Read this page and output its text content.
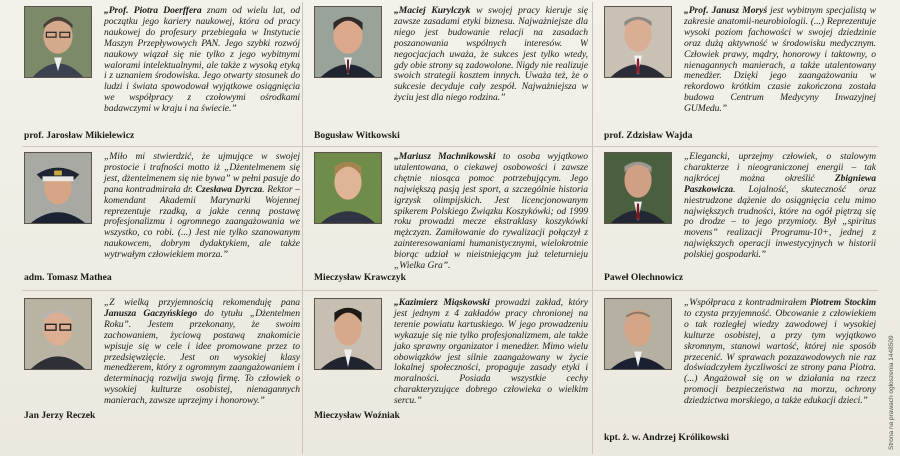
„Prof. Piotra Doerffera znam od wielu lat, od początku jego kariery naukowej, która od pracy naukowej do profesury przebiegała w Instytucie Maszyn Przepływowych PAN. Jego szybki rozwój naukowy wiązał się nie tylko z jego wybitnymi walorami intelektualnymi, ale także z wysoką etyką i z uznaniem środowiska. Jego otwarty stosunek do ludzi i świata spowodował wyjątkowe osiągnięcia we współpracy z czołowymi ośrodkami badawczymi w kraju i na świecie.”
prof. Jarosław Mikielewicz
„Maciej Kurylczyk w swojej pracy kieruje się zawsze zasadami etyki biznesu. Najważniejsze dla niego jest budowanie relacji na zasadach poszanowania wspólnych interesów. W negocjacjach uważa, że sukces jest tylko wtedy, gdy obie strony są zadowolone. Nigdy nie realizuje swoich strategii kosztem innych. Uważa też, że o sukcesie decyduje cały zespół. Najważniejsza w życiu jest dla niego rodzina.”
Bogusław Witkowski
„Prof. Janusz Moryś jest wybitnym specjalistą w zakresie anatomii-neurobiologii. (...) Reprezentuje wysoki poziom fachowości w swojej dziedzinie oraz dużą aktywność w środowisku medycznym. Człowiek prawy, mądry, honorowy i taktowny, o nienagannych manierach, a także utalentowany menedżer. Dzięki jego zaangażowaniu w rekordowo krótkim czasie zakończona została budowa Centrum Medycyny Inwazyjnej GUMedu.”
prof. Zdzisław Wajda
„Miło mi stwierdzić, że ujmujące w swojej prostocie i trafności motto iż „Dżentelmenem się jest, dżentelmenem się nie bywa” w pełni pasuje do pana kontradmirała dr. Czesława Dyrcza. Rektor – komendant Akademii Marynarki Wojennej reprezentuje rzadką, a jakże cenną postawę profesjonalizmu i ogromnego zaangażowania we wszystko, co robi. (...) Jest nie tylko szanowanym naukowcem, dobrym dydaktykiem, ale także wytrwałym człowiekiem morza.”
adm. Tomasz Mathea
„Mariusz Machnikowski to osoba wyjątkowo utalentowana, o ciekawej osobowości i zawsze chętnie niosąca pomoc potrzebującym. Jego największą pasją jest sport, a szczególnie historia igrzysk olimpijskich. Jest licencjonowanym spikerem Polskiego Związku Koszykówki; od 1999 roku prowadzi mecze ekstraklasy koszykówki mężczyzn. Zamiłowanie do rywalizacji połączył z zainteresowaniami humanistycznymi, wielokrotnie biorąc udział w nieistniejącym już teleturnieju „Wielka Gra”.
Mieczysław Krawczyk
„Elegancki, uprzejmy człowiek, o stalowym charakterze i nieograniczonej energii – tak najkrócej można określić Zbigniewa Paszkowicza. Lojalność, skuteczność oraz niestrudzone dążenie do osiągnięcia celu mimo największych trudności, które na ogół piętrzą się po drodze – to jego przymioty. Był „spiritus movens” realizacji Programu-10+, jednej z największych operacji inwestycyjnych w historii polskiej gospodarki.”
Paweł Olechnowicz
„Z wielką przyjemnością rekomenduję pana Janusza Gaczyńskiego do tytułu „Dżentelmen Roku”. Jestem przekonany, że swoim zachowaniem, życiową postawą znakomicie wpisuje się w cele i idee promowane przez to przedsięwzięcie. Jest on wysokiej klasy menedżerem, który z ogromnym zaangażowaniem i determinacją rozwija swoją firmę. To człowiek o wysokiej kulturze osobistej, nienagannych manierach, zawsze uprzejmy i honorowy.”
Jan Jerzy Reczek
„Kazimierz Miąskowski prowadzi zakład, który jest jednym z 4 zakładów pracy chronionej na terenie powiatu kartuskiego. W jego prowadzeniu wykazuje się nie tylko profesjonalizmem, ale także jako sprawny organizator i menedżer. Mimo wielu obowiązków jest silnie zaangażowany w życie lokalnej społeczności, propaguje zasady etyki i moralności. Posiada wszystkie cechy charakteryzujące dobrego człowieka o wielkim sercu.”
Mieczysław Woźniak
„Współpraca z kontradmirałem Piotrem Stockim to czysta przyjemność. Obcowanie z człowiekiem o tak rozległej wiedzy zawodowej i wysokiej kulturze osobistej, a przy tym wyjątkowo skromnym, stanowi wartość, której nie sposób przecenić. W sprawach pozazawodowych nie raz doświadczyłem życzliwości ze strony pana Piotra. (...) Angażował się on w działania na rzecz promocji bezpieczeństwa na morzu, ochrony dziedzictwa morskiego, a także edukacji dzieci.”
kpt. ż. w. Andrzej Królikowski	Strona na prawach ogłoszenia 1448509
